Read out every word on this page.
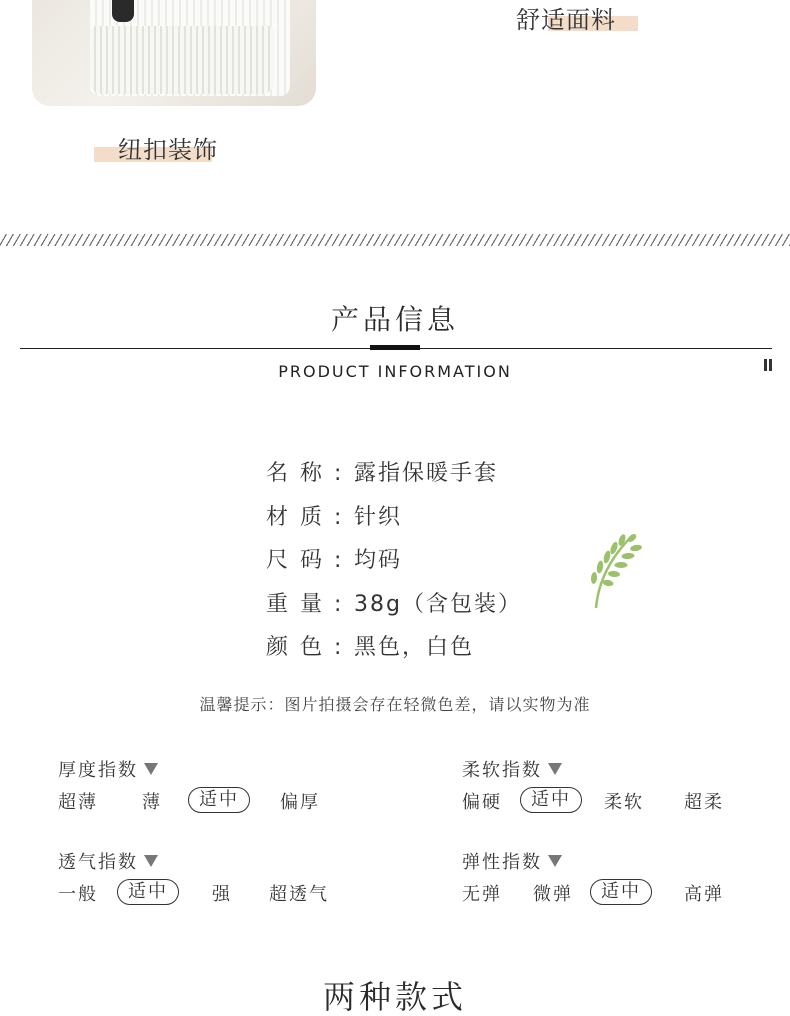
舒适面料
纽扣装饰
产品信息
PRODUCT INFORMATION
名称:露指保暖手套
材质:针织
尺码:均码
重量:38g（含包装）
颜色:黑色，白色
温馨提示：图片拍摄会存在轻微色差，请以实物为准
厚度指数
超薄 薄	适中	偏厚
柔软指数
偏硬	适中	柔软 超柔
透气指数
一般	适中	强 超透气
弹性指数
无弹 微弹	适中	高弹
两种款式
